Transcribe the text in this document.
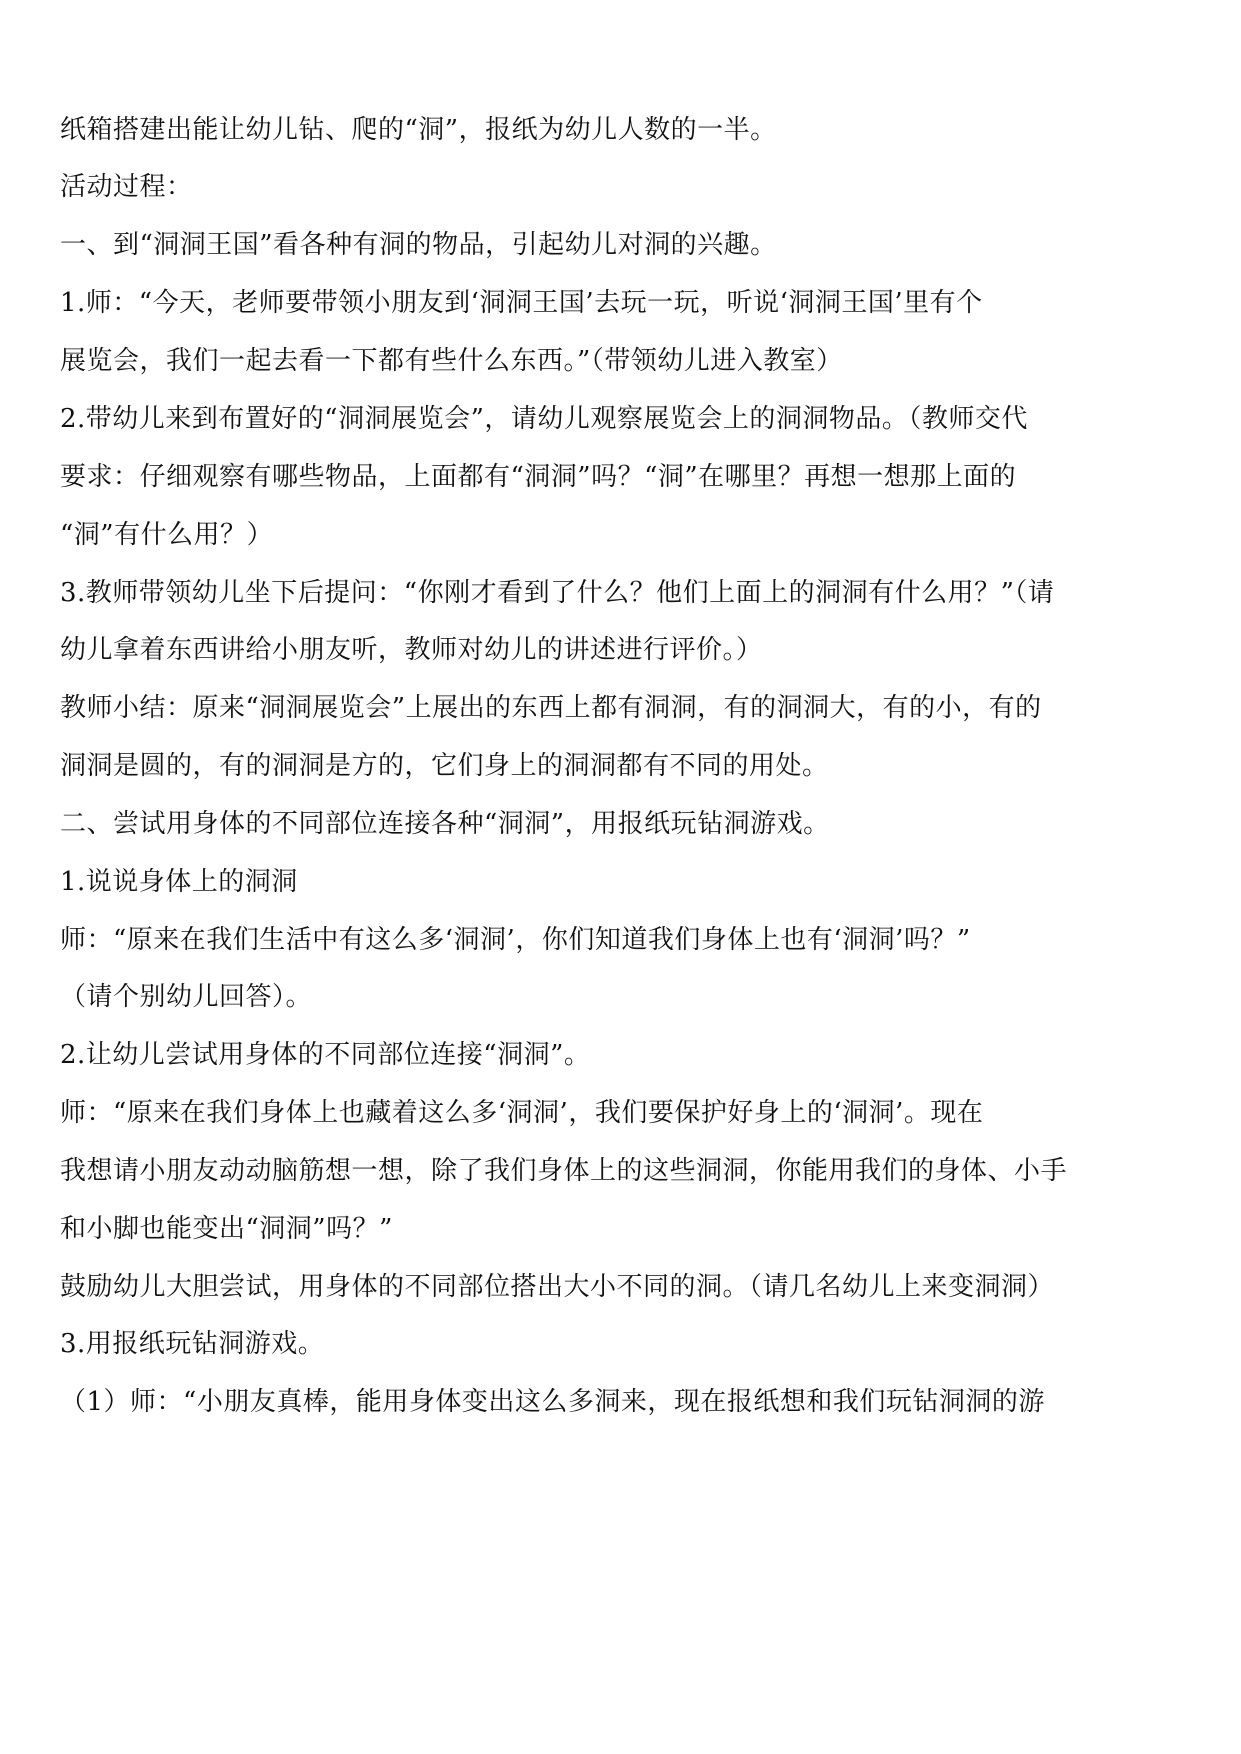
纸箱搭建出能让幼儿钻、爬的“洞”，报纸为幼儿人数的一半。
活动过程：
一、到“洞洞王国”看各种有洞的物品，引起幼儿对洞的兴趣。
1.师：“今天，老师要带领小朋友到‘洞洞王国’去玩一玩，听说‘洞洞王国’里有个
展览会，我们一起去看一下都有些什么东西。”（带领幼儿进入教室）
2.带幼儿来到布置好的“洞洞展览会”，请幼儿观察展览会上的洞洞物品。（教师交代
要求：仔细观察有哪些物品，上面都有“洞洞”吗？“洞”在哪里？再想一想那上面的
“洞”有什么用？）
3.教师带领幼儿坐下后提问：“你刚才看到了什么？他们上面上的洞洞有什么用？”（请
幼儿拿着东西讲给小朋友听，教师对幼儿的讲述进行评价。）
教师小结：原来“洞洞展览会”上展出的东西上都有洞洞，有的洞洞大，有的小，有的
洞洞是圆的，有的洞洞是方的，它们身上的洞洞都有不同的用处。
二、尝试用身体的不同部位连接各种“洞洞”，用报纸玩钻洞游戏。
1.说说身体上的洞洞
师：“原来在我们生活中有这么多‘洞洞’，你们知道我们身体上也有‘洞洞’吗？”
（请个别幼儿回答）。
2.让幼儿尝试用身体的不同部位连接“洞洞”。
师：“原来在我们身体上也藏着这么多‘洞洞’，我们要保护好身上的‘洞洞’。现在
我想请小朋友动动脑筋想一想，除了我们身体上的这些洞洞，你能用我们的身体、小手
和小脚也能变出“洞洞”吗？”
鼓励幼儿大胆尝试，用身体的不同部位搭出大小不同的洞。（请几名幼儿上来变洞洞）
3.用报纸玩钻洞游戏。
（1）师：“小朋友真棒，能用身体变出这么多洞来，现在报纸想和我们玩钻洞洞的游
